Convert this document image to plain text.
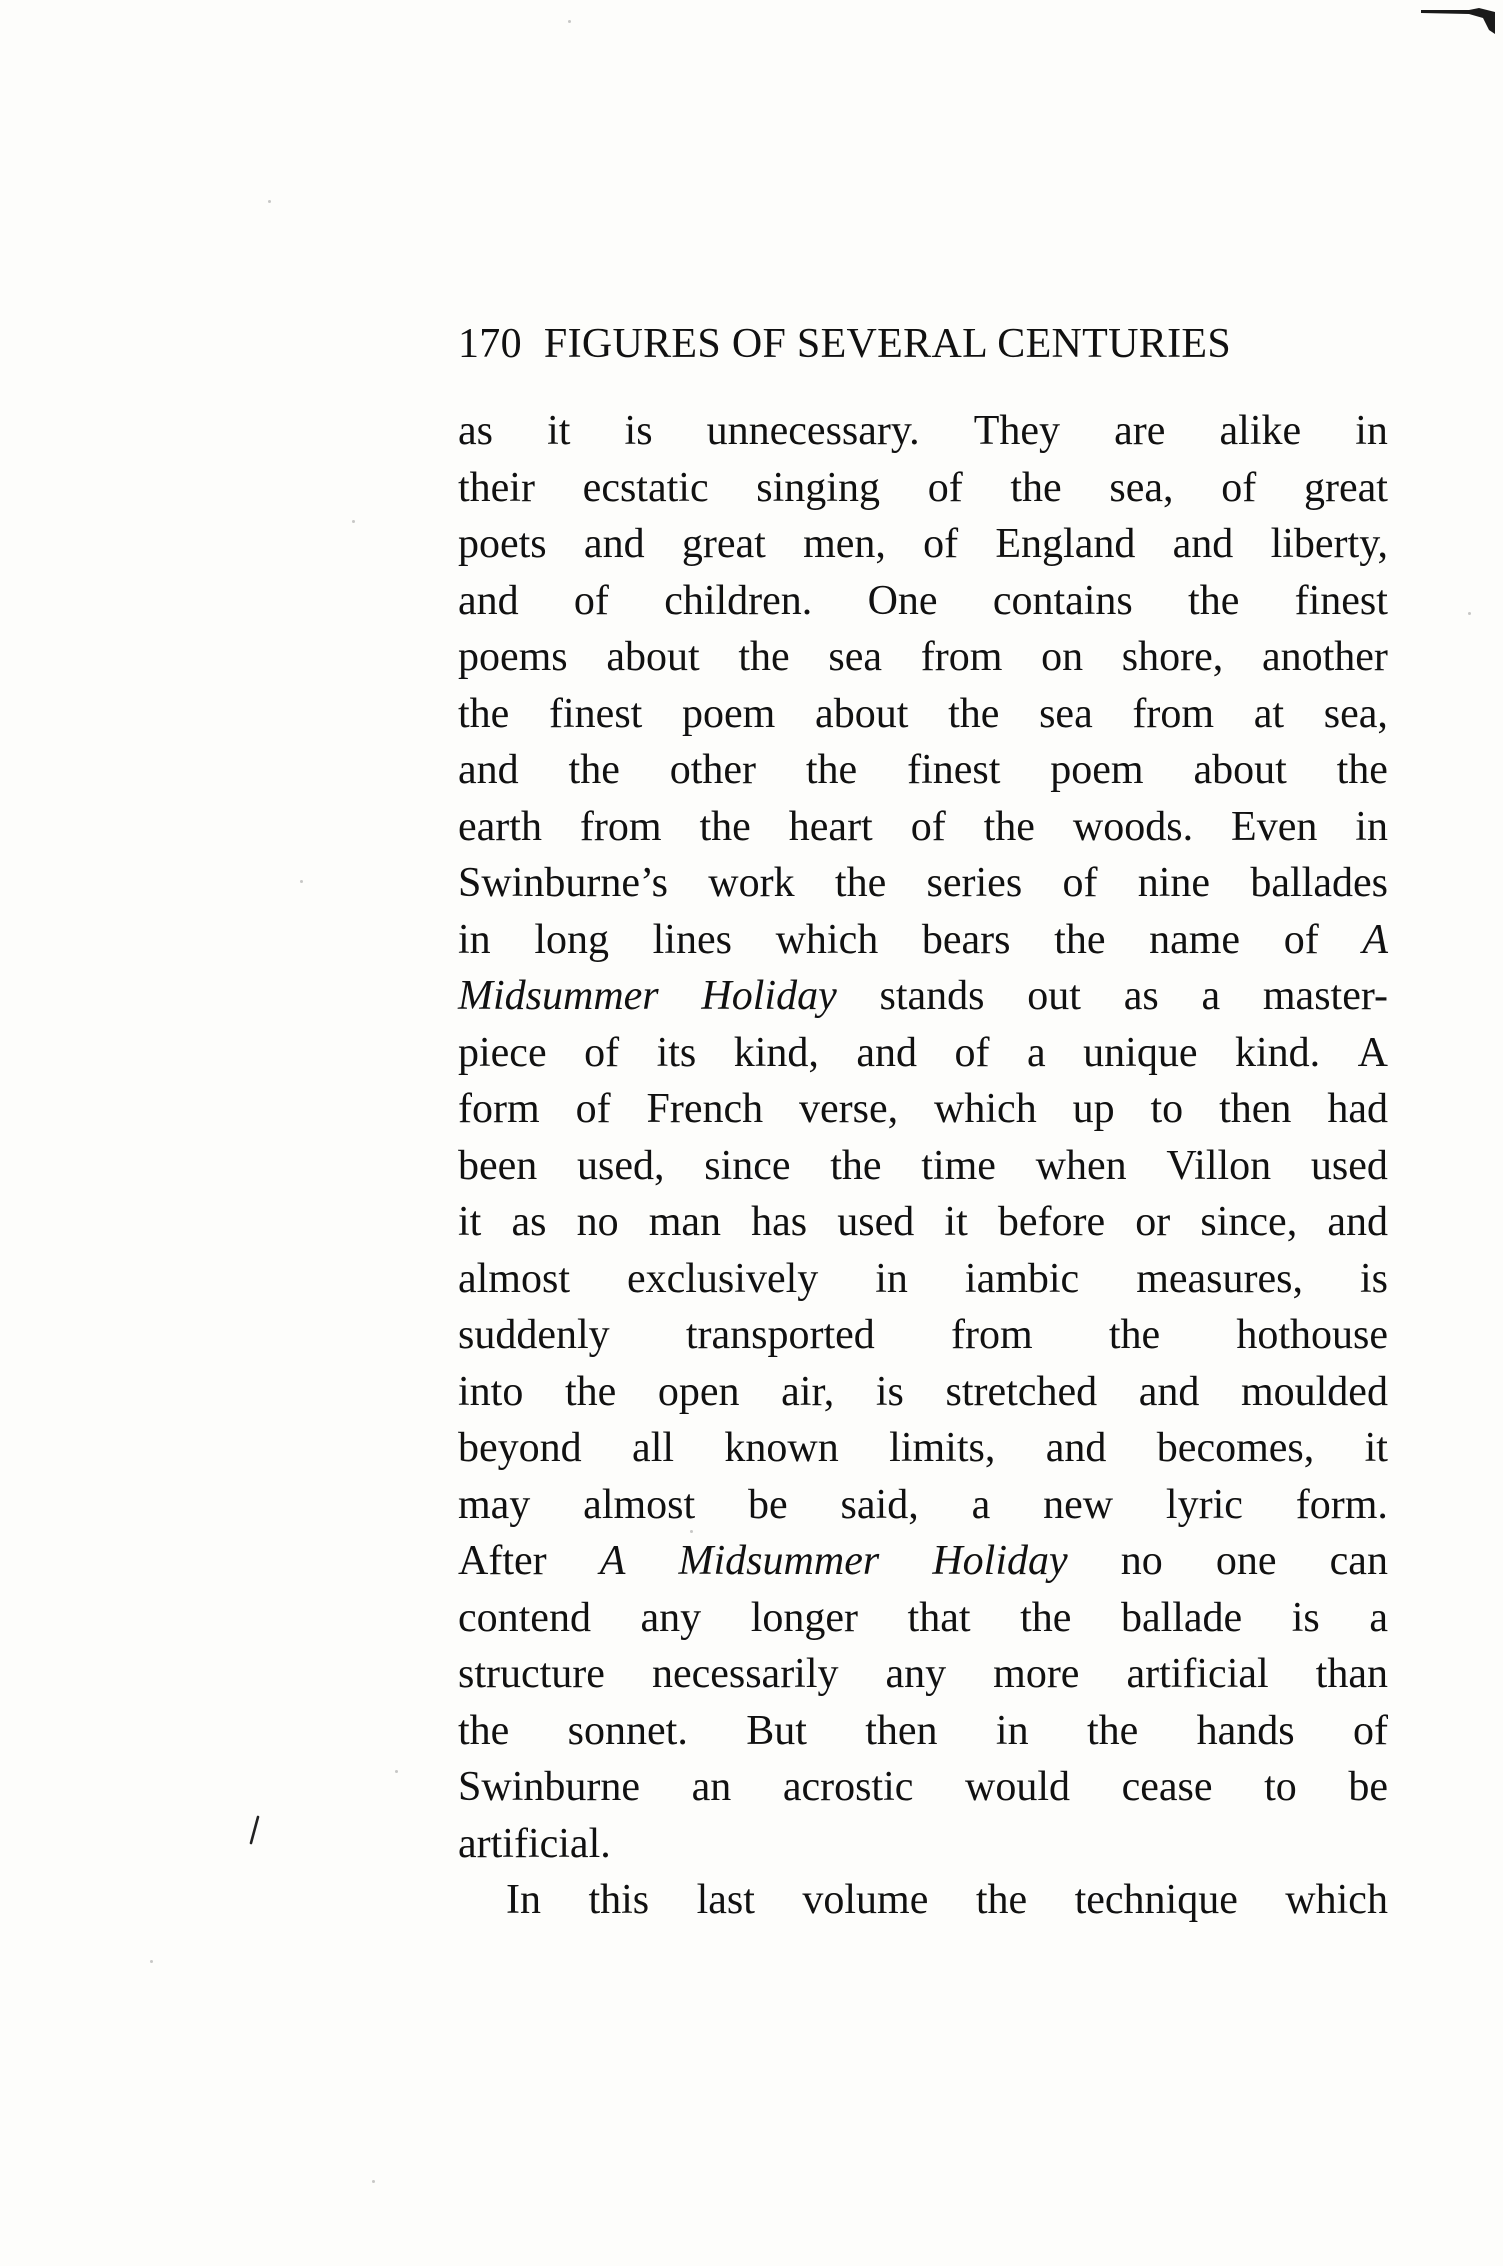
170 FIGURES OF SEVERAL CENTURIES
as it is unnecessary. They are alike in
their ecstatic singing of the sea, of great
poets and great men, of England and liberty,
and of children. One contains the finest
poems about the sea from on shore, another
the finest poem about the sea from at sea,
and the other the finest poem about the
earth from the heart of the woods. Even in
Swinburne’s work the series of nine ballades
in long lines which bears the name of A
Midsummer Holiday stands out as a master-
piece of its kind, and of a unique kind. A
form of French verse, which up to then had
been used, since the time when Villon used
it as no man has used it before or since, and
almost exclusively in iambic measures, is
suddenly transported from the hothouse
into the open air, is stretched and moulded
beyond all known limits, and becomes, it
may almost be said, a new lyric form.
After A Midsummer Holiday no one can
contend any longer that the ballade is a
structure necessarily any more artificial than
the sonnet. But then in the hands of
Swinburne an acrostic would cease to be
artificial.
In this last volume the technique which
